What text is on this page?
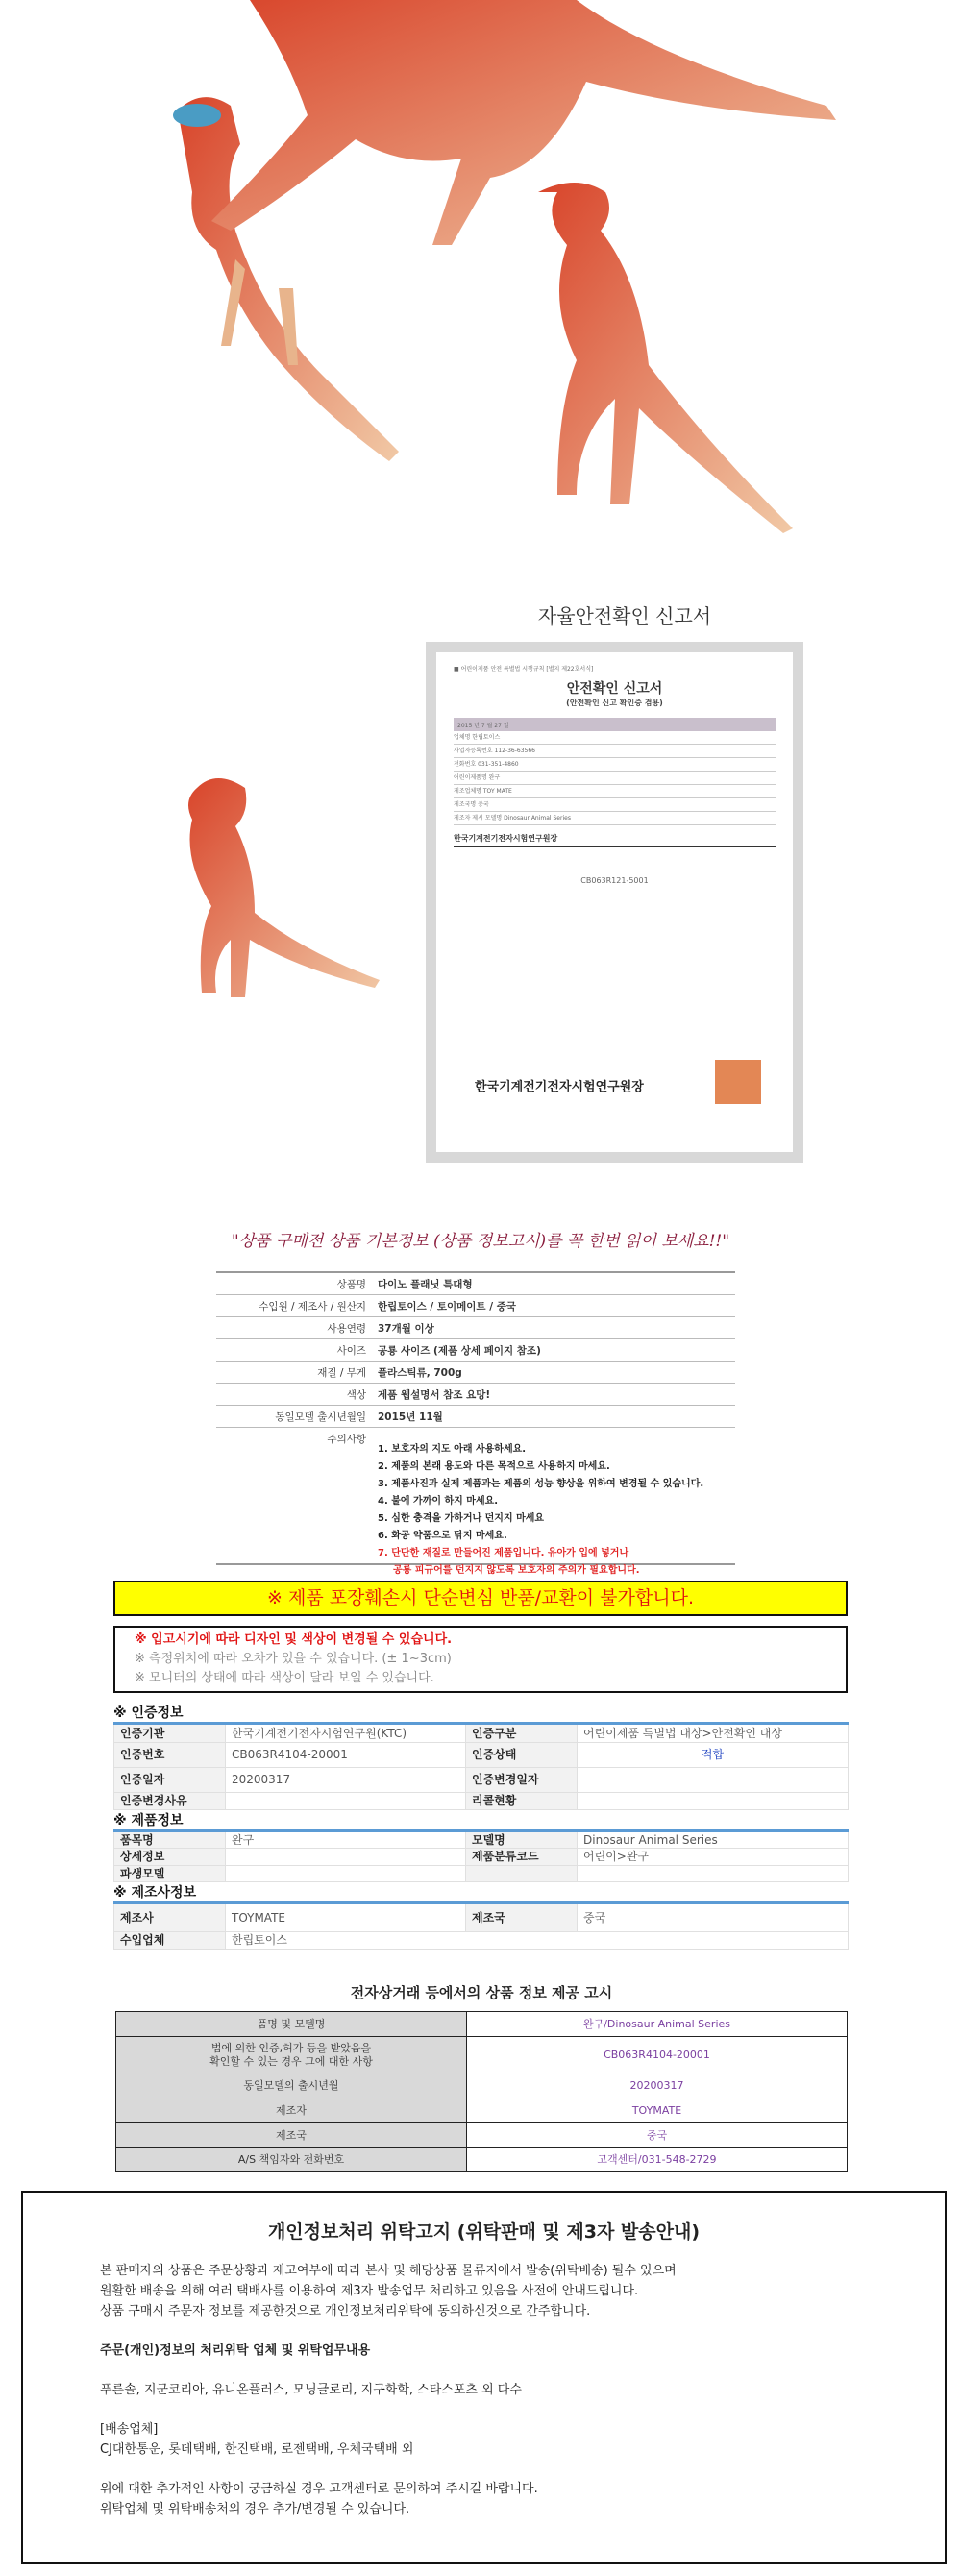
자율안전확인 신고서
■ 어린이제품 안전 특별법 시행규칙 [별지 제22호서식]
안전확인 신고서
(안전확인 신고 확인증 겸용)
2015 년 7 월 27 일
업체명 한립토이스
사업자등록번호 112-36-63566
전화번호 031-351-4860
어린이제품명 완구
제조업체명 TOY MATE
제조국명 중국
제조자 제시 모델명 Dinosaur Animal Series
한국기계전기전자시험연구원장
CB063R121-5001
한국기계전기전자시험연구원장
"상품 구매전 상품 기본정보 (상품 정보고시)를 꼭 한번 읽어 보세요!!"
상품명	다이노 플래닛 특대형
수입원 / 제조사 / 원산지	한립토이스 / 토이메이트 / 중국
사용연령	37개월 이상
사이즈	공룡 사이즈 (제품 상세 페이지 참조)
재질 / 무게	플라스틱류, 700g
색상	제품 웹설명서 참조 요망!
동일모델 출시년월일	2015년 11월
주의사항
1. 보호자의 지도 아래 사용하세요.
2. 제품의 본래 용도와 다른 목적으로 사용하지 마세요.
3. 제품사진과 실제 제품과는 제품의 성능 향상을 위하여 변경될 수 있습니다.
4. 불에 가까이 하지 마세요.
5. 심한 충격을 가하거나 던지지 마세요
6. 화공 약품으로 닦지 마세요.
7. 단단한 재질로 만들어진 제품입니다. 유아가 입에 넣거나
공룡 피규어를 던지지 않도록 보호자의 주의가 필요합니다.
※ 제품 포장훼손시 단순변심 반품/교환이 불가합니다.
※ 입고시기에 따라 디자인 및 색상이 변경될 수 있습니다.
※ 측정위치에 따라 오차가 있을 수 있습니다. (± 1~3cm)
※ 모니터의 상태에 따라 색상이 달라 보일 수 있습니다.
※ 인증정보
인증기관	한국기계전기전자시험연구원(KTC)	인증구분	어린이제품 특별법 대상>안전확인 대상
인증번호	CB063R4104-20001	인증상태	적합
인증일자	20200317	인증변경일자	
인증변경사유		리콜현황	
※ 제품정보
품목명	완구	모델명	Dinosaur Animal Series
상세정보		제품분류코드	어린이>완구
파생모델			
※ 제조사정보
제조사	TOYMATE	제조국	중국
수입업체	한립토이스		
전자상거래 등에서의 상품 정보 제공 고시
품명 및 모델명	완구/Dinosaur Animal Series
법에 의한 인증,허가 등을 받았음을
확인할 수 있는 경우 그에 대한 사항	CB063R4104-20001
동일모델의 출시년월	20200317
제조자	TOYMATE
제조국	중국
A/S 책임자와 전화번호	고객센터/031-548-2729
개인정보처리 위탁고지 (위탁판매 및 제3자 발송안내)

본 판매자의 상품은 주문상황과 재고여부에 따라 본사 및 해당상품 물류지에서 발송(위탁배송) 될수 있으며

원활한 배송을 위해 여러 택배사를 이용하여 제3자 발송업무 처리하고 있음을 사전에 안내드립니다.

상품 구매시 주문자 정보를 제공한것으로 개인정보처리위탁에 동의하신것으로 간주합니다.

주문(개인)정보의 처리위탁 업체 및 위탁업무내용

푸른솔, 지군코리아, 유니온플러스, 모닝글로리, 지구화학, 스타스포츠 외 다수

[배송업체]

CJ대한통운, 롯데택배, 한진택배, 로젠택배, 우체국택배 외

위에 대한 추가적인 사항이 궁금하실 경우 고객센터로 문의하여 주시길 바랍니다.

위탁업체 및 위탁배송처의 경우 추가/변경될 수 있습니다.
